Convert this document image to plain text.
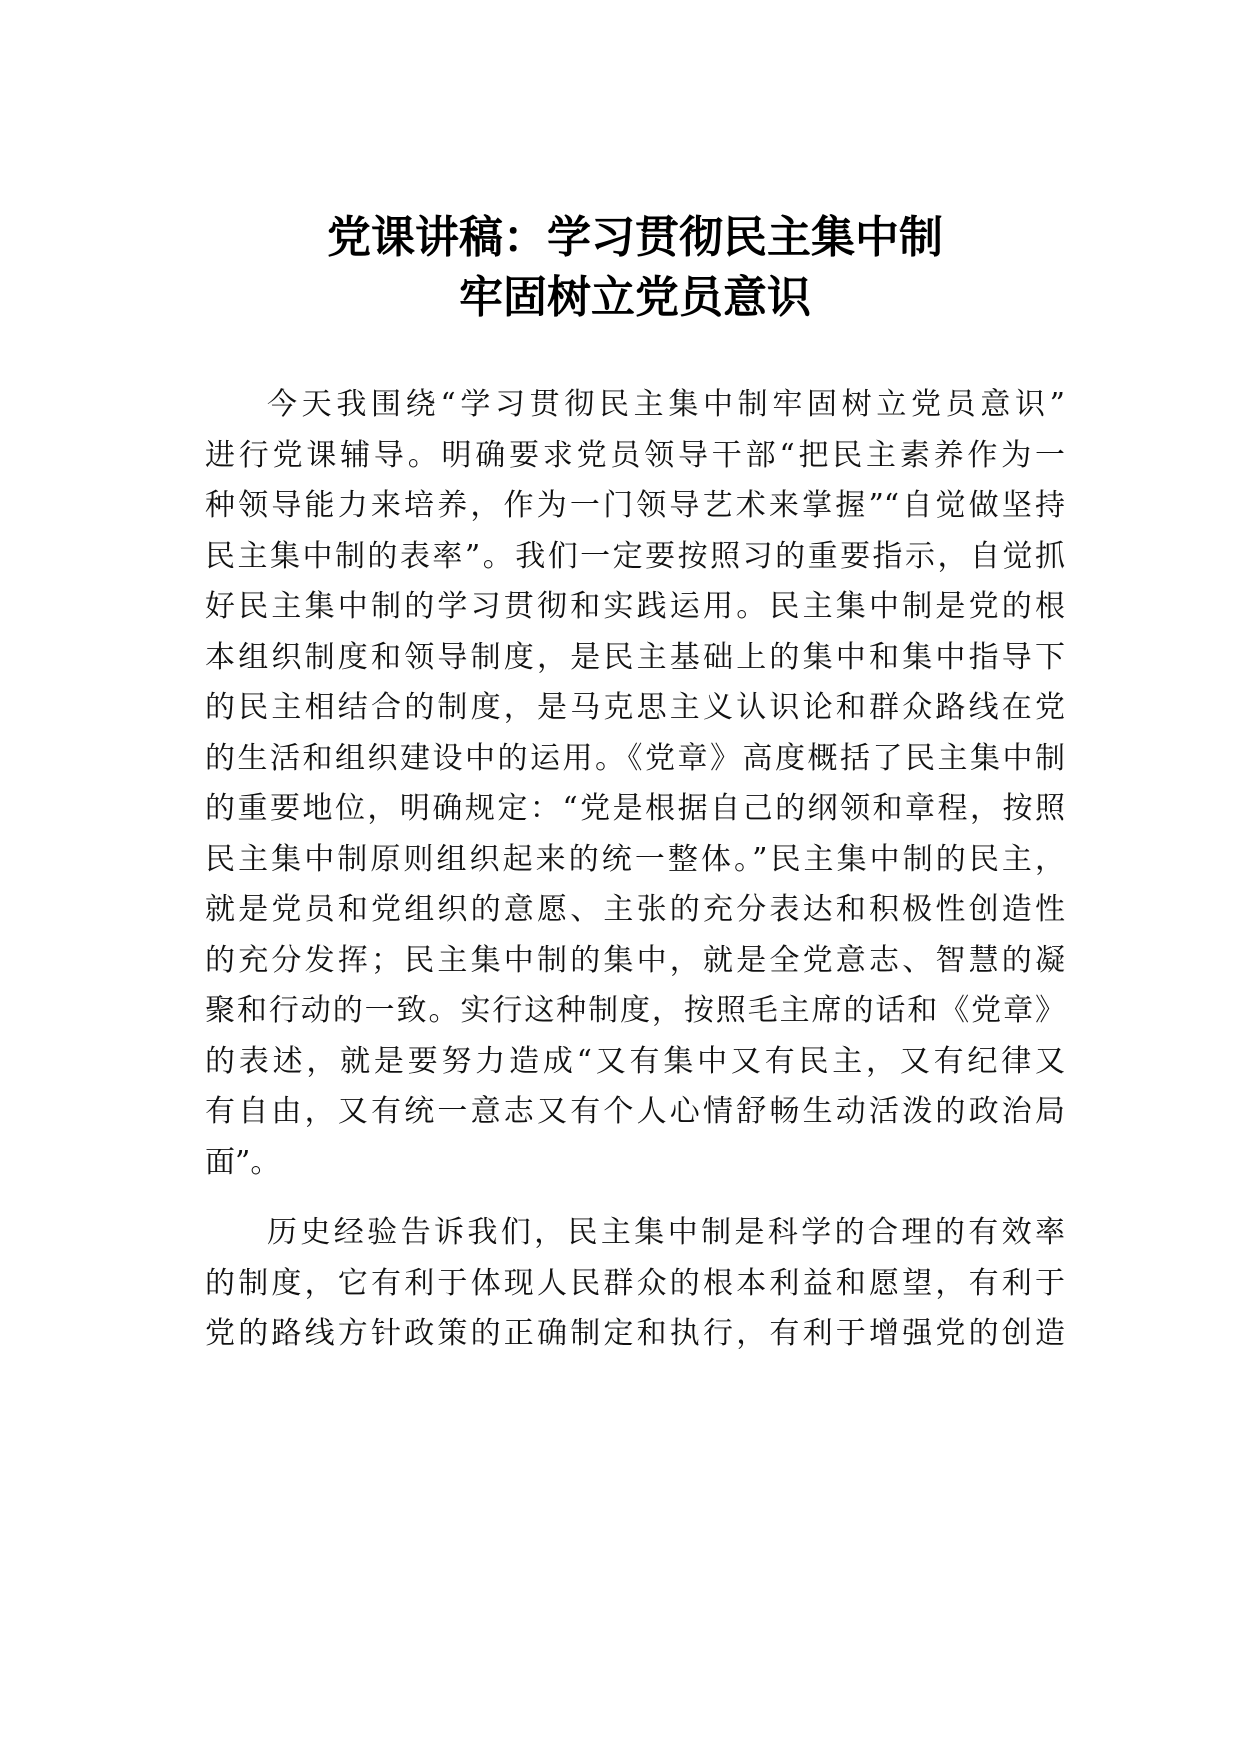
党课讲稿：学习贯彻民主集中制
牢固树立党员意识
今天我围绕“学习贯彻民主集中制牢固树立党员意识”
进行党课辅导。明确要求党员领导干部“把民主素养作为一
种领导能力来培养，作为一门领导艺术来掌握”“自觉做坚持
民主集中制的表率”。我们一定要按照习的重要指示，自觉抓
好民主集中制的学习贯彻和实践运用。民主集中制是党的根
本组织制度和领导制度，是民主基础上的集中和集中指导下
的民主相结合的制度，是马克思主义认识论和群众路线在党
的生活和组织建设中的运用。《党章》高度概括了民主集中制
的重要地位，明确规定：“党是根据自己的纲领和章程，按照
民主集中制原则组织起来的统一整体。”民主集中制的民主，
就是党员和党组织的意愿、主张的充分表达和积极性创造性
的充分发挥；民主集中制的集中，就是全党意志、智慧的凝
聚和行动的一致。实行这种制度，按照毛主席的话和《党章》
的表述，就是要努力造成“又有集中又有民主，又有纪律又
有自由，又有统一意志又有个人心情舒畅生动活泼的政治局
面”。
历史经验告诉我们，民主集中制是科学的合理的有效率
的制度，它有利于体现人民群众的根本利益和愿望，有利于
党的路线方针政策的正确制定和执行，有利于增强党的创造
